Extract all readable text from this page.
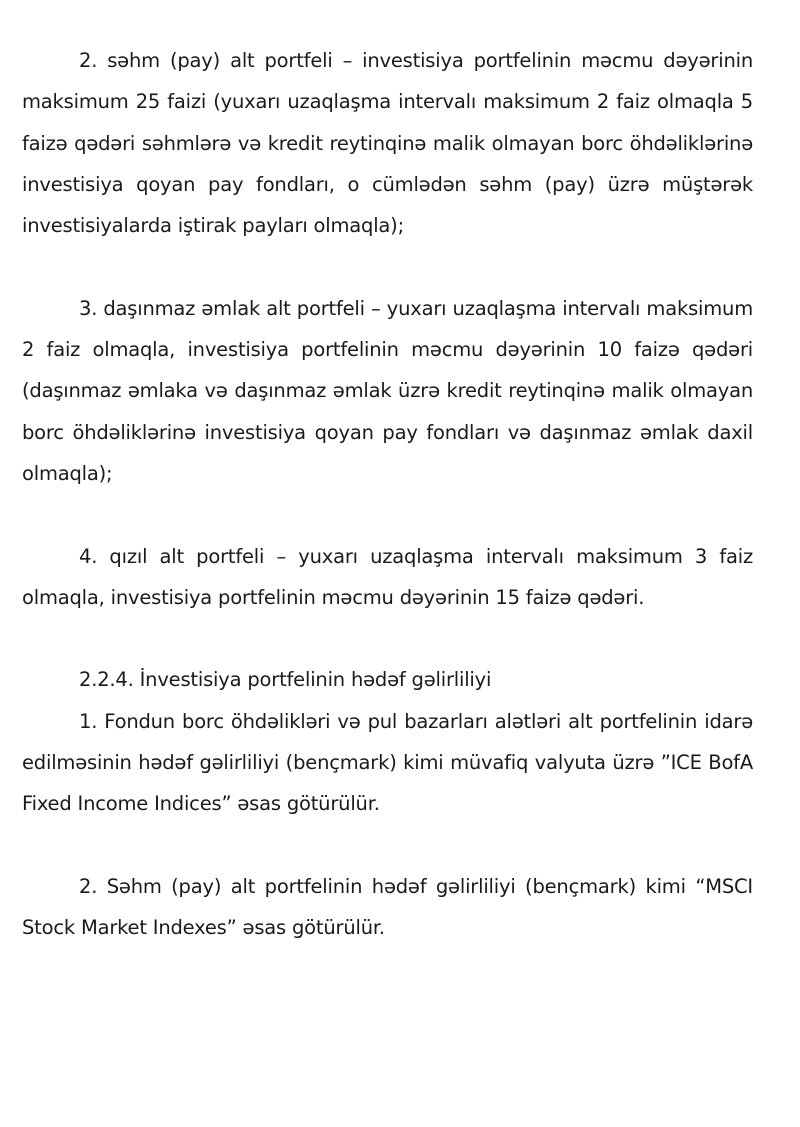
2. səhm (pay) alt portfeli – investisiya portfelinin məcmu dəyərinin maksimum 25 faizi (yuxarı uzaqlaşma intervalı maksimum 2 faiz olmaqla 5 faizə qədəri səhmlərə və kredit reytinqinə malik olmayan borc öhdəliklərinə investisiya qoyan pay fondları, o cümlədən səhm (pay) üzrə müştərək investisiyalarda iştirak payları olmaqla);

3. daşınmaz əmlak alt portfeli – yuxarı uzaqlaşma intervalı maksimum 2 faiz olmaqla, investisiya portfelinin məcmu dəyərinin 10 faizə qədəri (daşınmaz əmlaka və daşınmaz əmlak üzrə kredit reytinqinə malik olmayan borc öhdəliklərinə investisiya qoyan pay fondları və daşınmaz əmlak daxil olmaqla);

4. qızıl alt portfeli – yuxarı uzaqlaşma intervalı maksimum 3 faiz olmaqla, investisiya portfelinin məcmu dəyərinin 15 faizə qədəri.

2.2.4. İnvestisiya portfelinin hədəf gəlirliliyi

1. Fondun borc öhdəlikləri və pul bazarları alətləri alt portfelinin idarə edilməsinin hədəf gəlirliliyi (bençmark) kimi müvafiq valyuta üzrə ”ICE BofA Fixed Income Indices” əsas götürülür.

2. Səhm (pay) alt portfelinin hədəf gəlirliliyi (bençmark) kimi “MSCI Stock Market Indexes” əsas götürülür.
